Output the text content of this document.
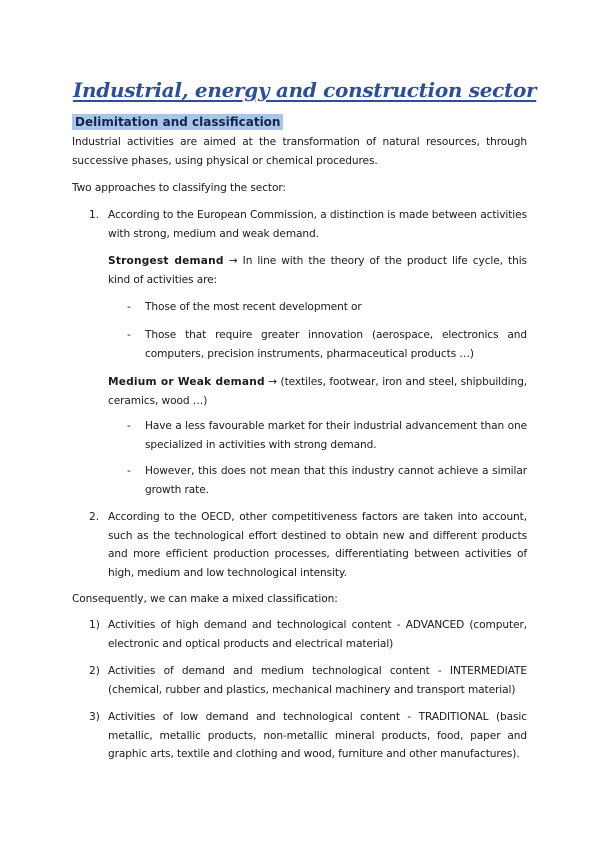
Industrial, energy and construction sector
Delimitation and classification

Industrial activities are aimed at the transformation of natural resources, through successive phases, using physical or chemical procedures.

Two approaches to classifying the sector:

1. According to the European Commission, a distinction is made between activities with strong, medium and weak demand.

Strongest demand → In line with the theory of the product life cycle, this kind of activities are:

- Those of the most recent development or

- Those that require greater innovation (aerospace, electronics and computers, precision instruments, pharmaceutical products …)

Medium or Weak demand → (textiles, footwear, iron and steel, shipbuilding, ceramics, wood …)

- Have a less favourable market for their industrial advancement than one specialized in activities with strong demand.

- However, this does not mean that this industry cannot achieve a similar growth rate.

2. According to the OECD, other competitiveness factors are taken into account, such as the technological effort destined to obtain new and different products and more efficient production processes, differentiating between activities of high, medium and low technological intensity.

Consequently, we can make a mixed classification:

1) Activities of high demand and technological content - ADVANCED (computer, electronic and optical products and electrical material)

2) Activities of demand and medium technological content - INTERMEDIATE (chemical, rubber and plastics, mechanical machinery and transport material)

3) Activities of low demand and technological content - TRADITIONAL (basic metallic, metallic products, non-metallic mineral products, food, paper and graphic arts, textile and clothing and wood, furniture and other manufactures).
